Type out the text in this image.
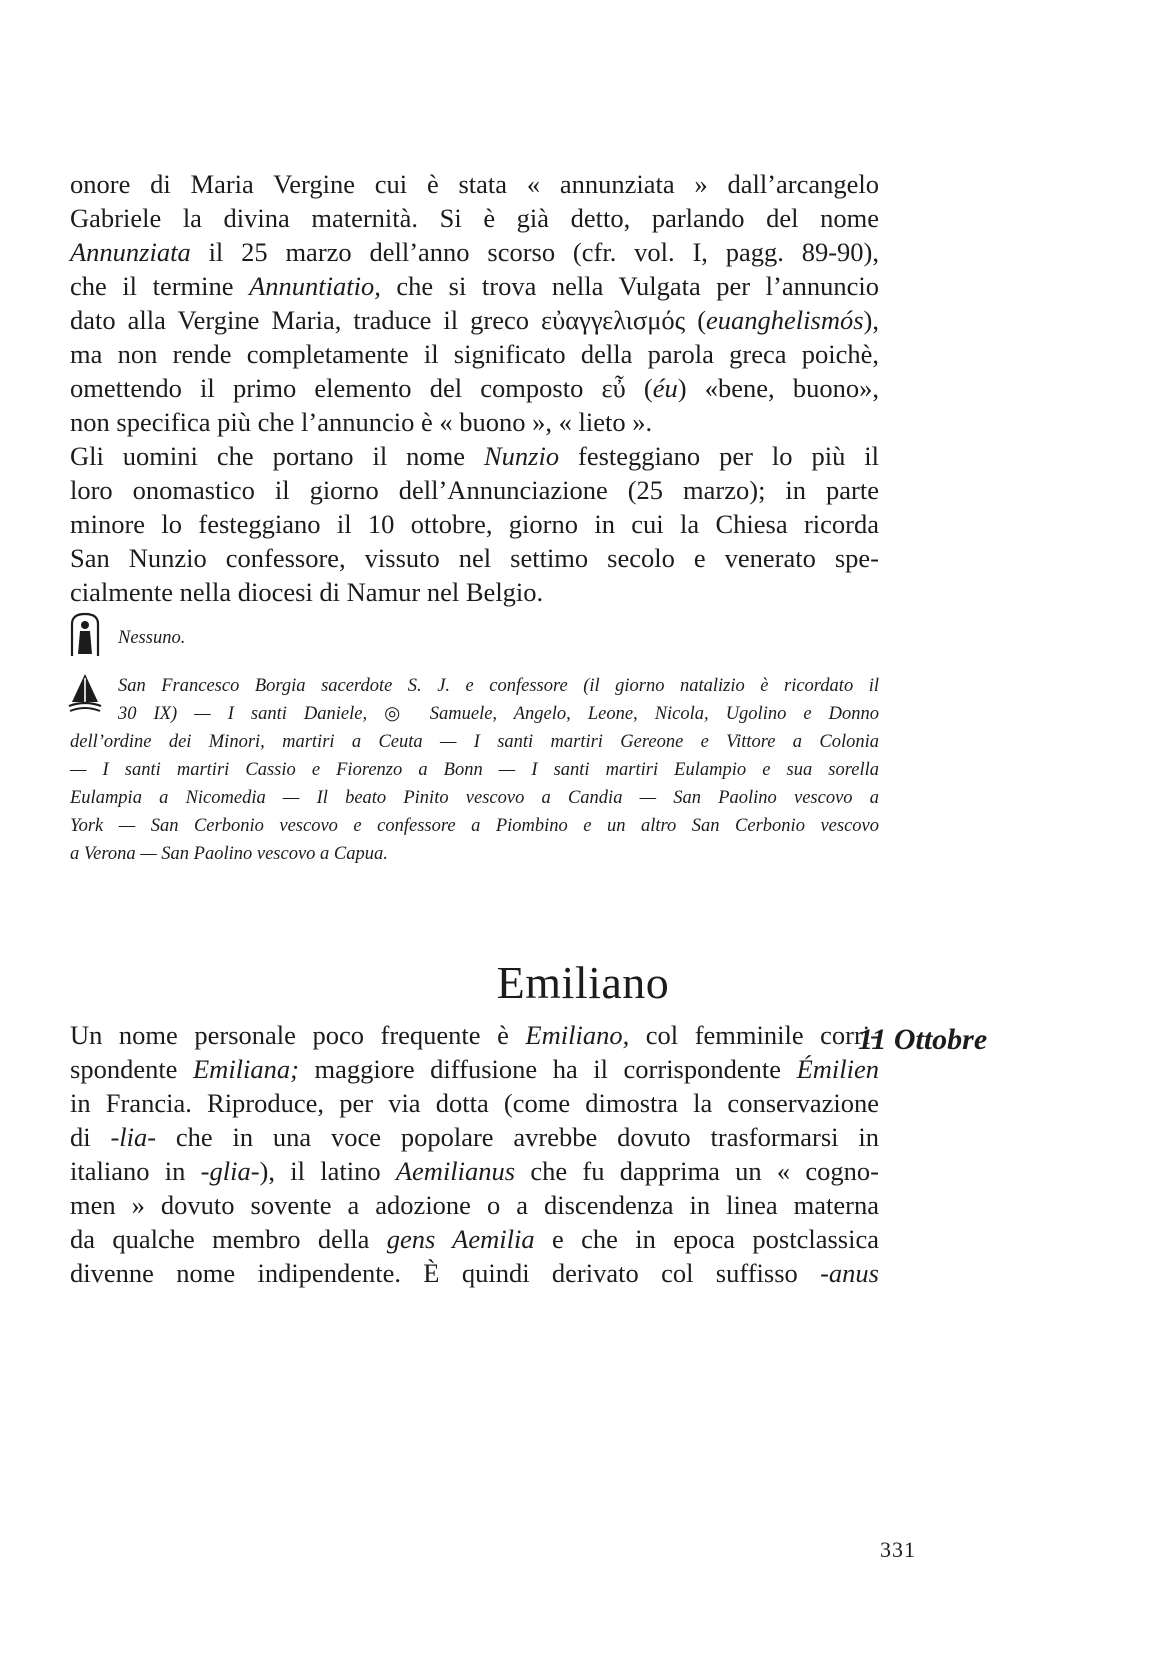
onore di Maria Vergine cui è stata « annunziata » dall’arcangelo
Gabriele la divina maternità. Si è già detto, parlando del nome
Annunziata il 25 marzo dell’anno scorso (cfr. vol. I, pagg. 89-90),
che il termine Annuntiatio, che si trova nella Vulgata per l’annuncio
dato alla Vergine Maria, traduce il greco εὐαγγελισμός (euanghelismós),
ma non rende completamente il significato della parola greca poichè,
omettendo il primo elemento del composto εὖ (éu) «bene, buono»,
non specifica più che l’annuncio è « buono », « lieto ».
Gli uomini che portano il nome Nunzio festeggiano per lo più il
loro onomastico il giorno dell’Annunciazione (25 marzo); in parte
minore lo festeggiano il 10 ottobre, giorno in cui la Chiesa ricorda
San Nunzio confessore, vissuto nel settimo secolo e venerato spe-
cialmente nella diocesi di Namur nel Belgio.
Nessuno.
San Francesco Borgia sacerdote S. J. e confessore (il giorno natalizio è ricordato il
30 IX) — I santi Daniele, ◎ Samuele, Angelo, Leone, Nicola, Ugolino e Donno
dell’ordine dei Minori, martiri a Ceuta — I santi martiri Gereone e Vittore a Colonia
— I santi martiri Cassio e Fiorenzo a Bonn — I santi martiri Eulampio e sua sorella
Eulampia a Nicomedia — Il beato Pinito vescovo a Candia — San Paolino vescovo a
York — San Cerbonio vescovo e confessore a Piombino e un altro San Cerbonio vescovo
a Verona — San Paolino vescovo a Capua.
Emiliano
11 Ottobre
Un nome personale poco frequente è Emiliano, col femminile corri-
spondente Emiliana; maggiore diffusione ha il corrispondente Émilien
in Francia. Riproduce, per via dotta (come dimostra la conservazione
di -lia- che in una voce popolare avrebbe dovuto trasformarsi in
italiano in -glia-), il latino Aemilianus che fu dapprima un « cogno-
men » dovuto sovente a adozione o a discendenza in linea materna
da qualche membro della gens Aemilia e che in epoca postclassica
divenne nome indipendente. È quindi derivato col suffisso -anus
331
